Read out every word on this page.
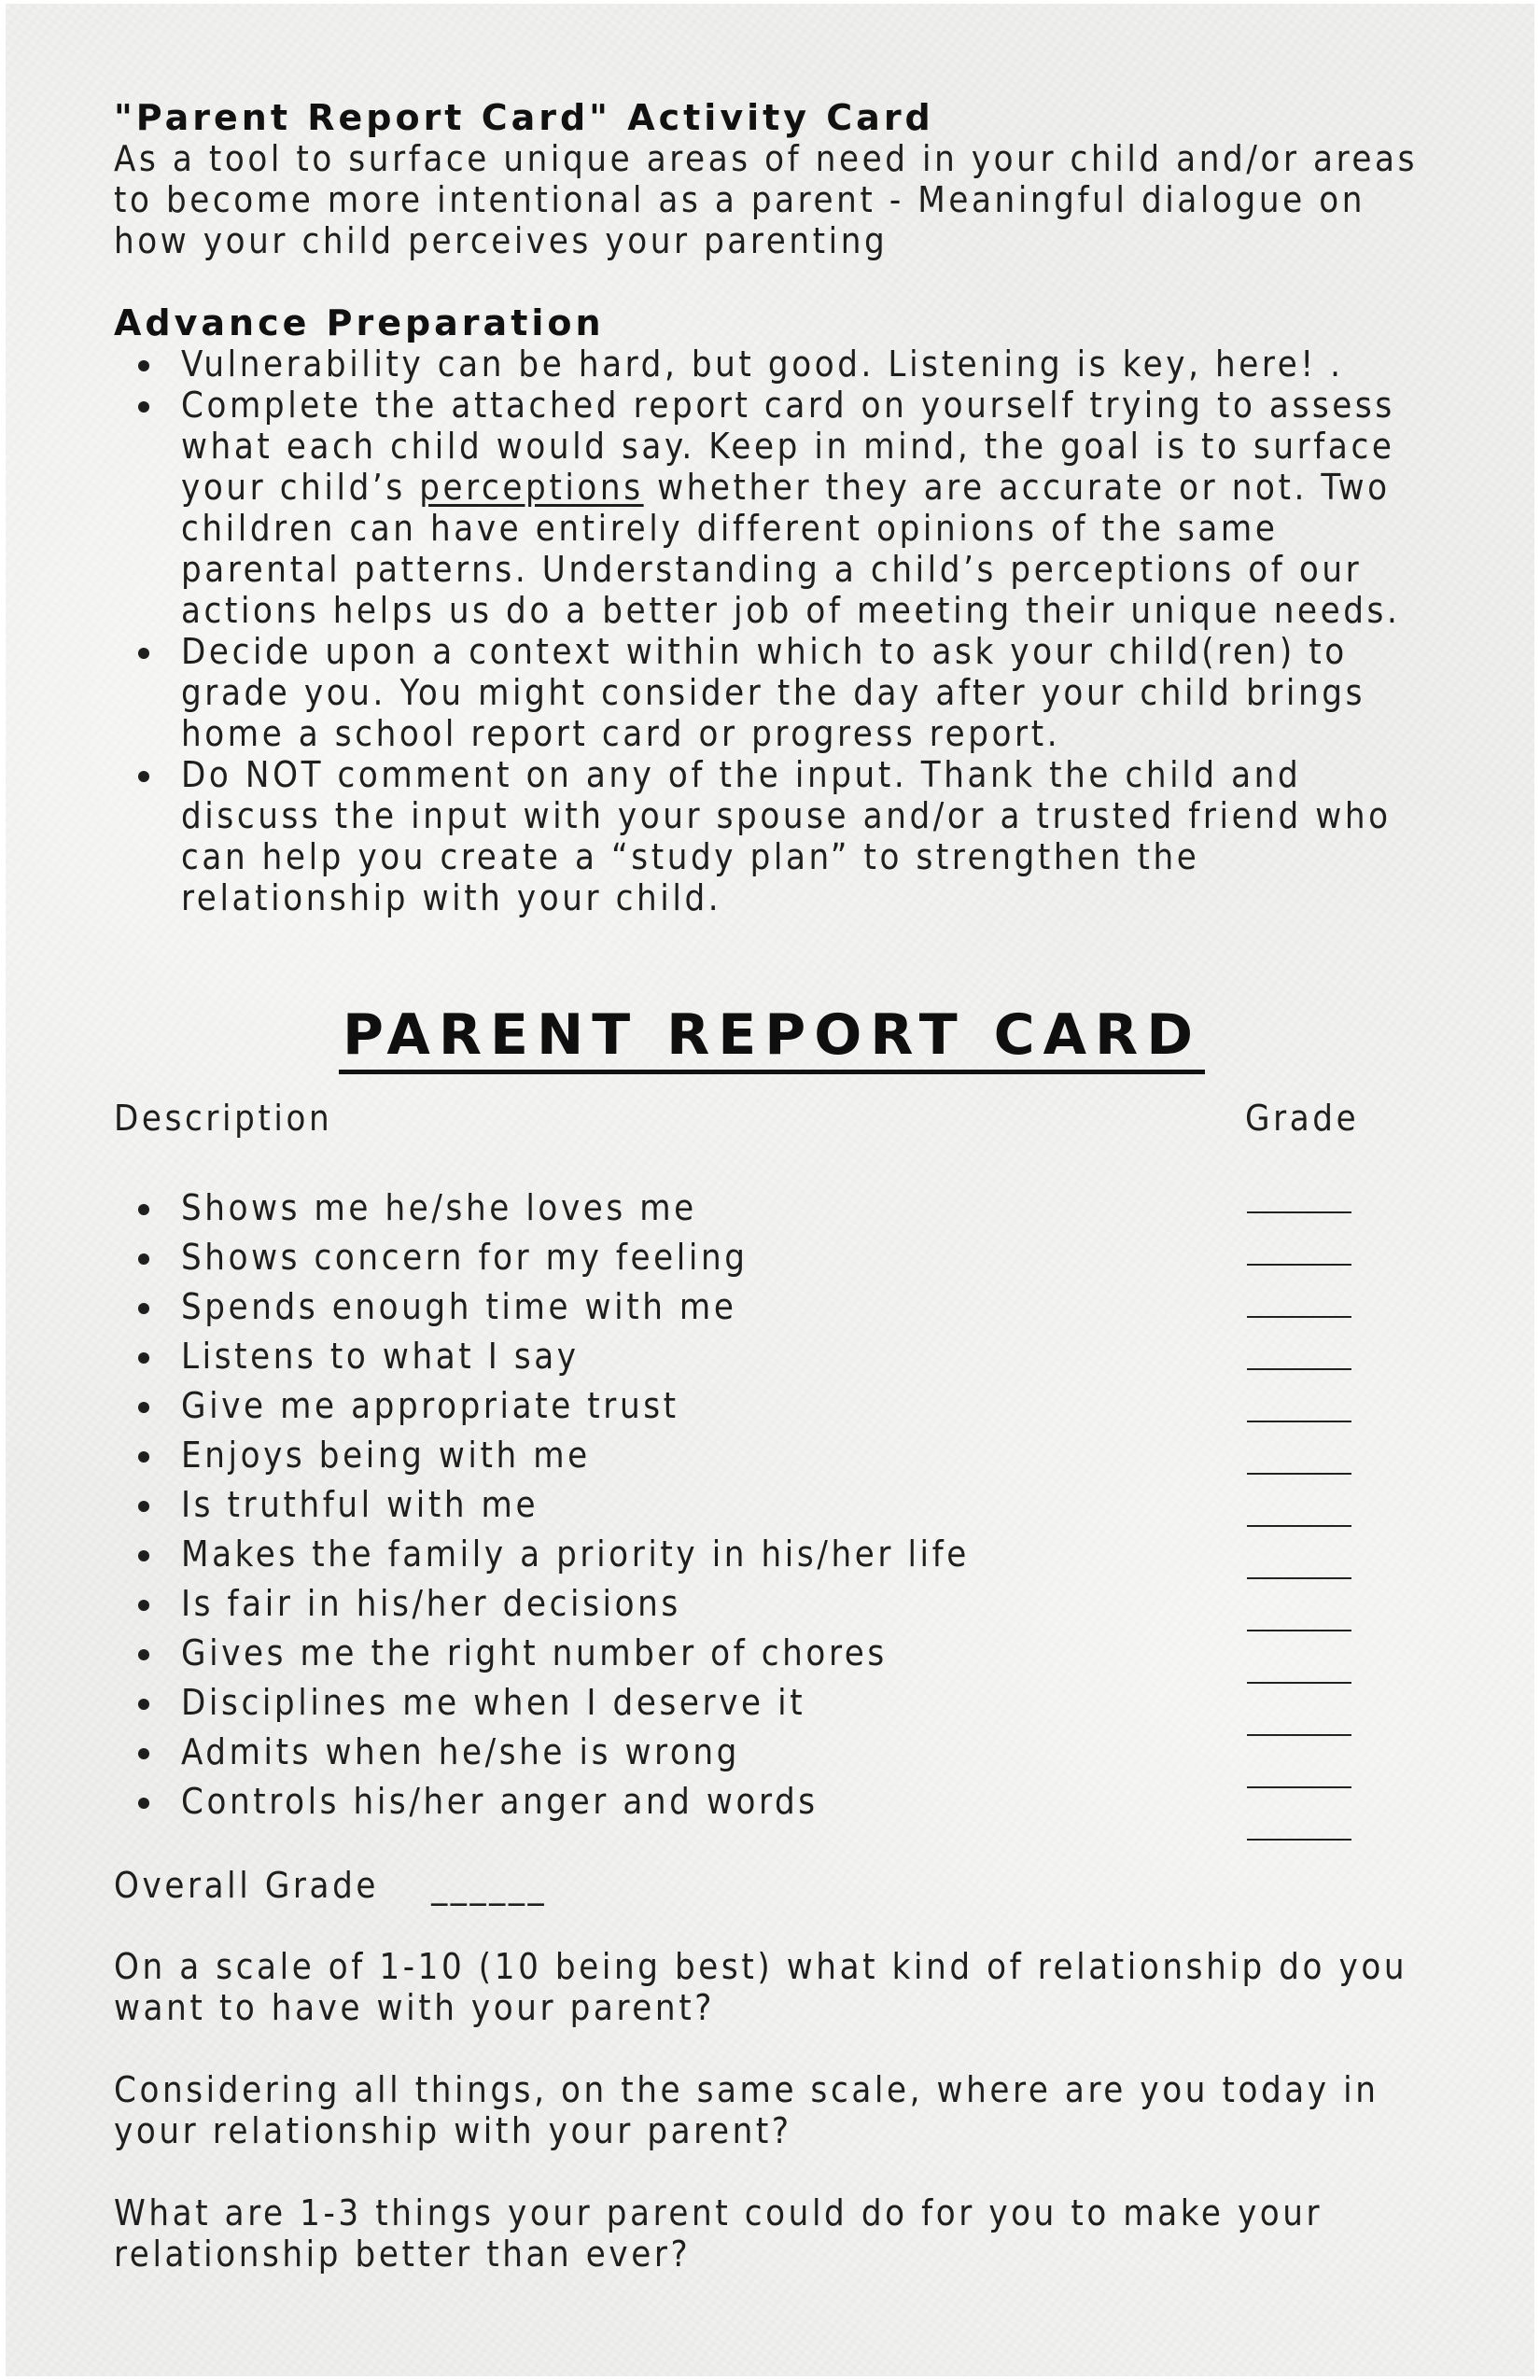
"Parent Report Card" Activity Card
As a tool to surface unique areas of need in your child and/or areas to become more intentional as a parent - Meaningful dialogue on how your child perceives your parenting
Advance Preparation
Vulnerability can be hard, but good. Listening is key, here! .
Complete the attached report card on yourself trying to assess what each child would say. Keep in mind, the goal is to surface your child’s perceptions whether they are accurate or not. Two children can have entirely different opinions of the same parental patterns. Understanding a child’s perceptions of our actions helps us do a better job of meeting their unique needs.
Decide upon a context within which to ask your child(ren) to grade you. You might consider the day after your child brings home a school report card or progress report.
Do NOT comment on any of the input. Thank the child and discuss the input with your spouse and/or a trusted friend who can help you create a “study plan” to strengthen the relationship with your child.
PARENT REPORT CARD
Description	Grade
Shows me he/she loves me
Shows concern for my feeling
Spends enough time with me
Listens to what I say
Give me appropriate trust
Enjoys being with me
Is truthful with me
Makes the family a priority in his/her life
Is fair in his/her decisions
Gives me the right number of chores
Disciplines me when I deserve it
Admits when he/she is wrong
Controls his/her anger and words
Overall Grade ______

On a scale of 1-10 (10 being best) what kind of relationship do you want to have with your parent?

Considering all things, on the same scale, where are you today in your relationship with your parent?

What are 1-3 things your parent could do for you to make your relationship better than ever?
